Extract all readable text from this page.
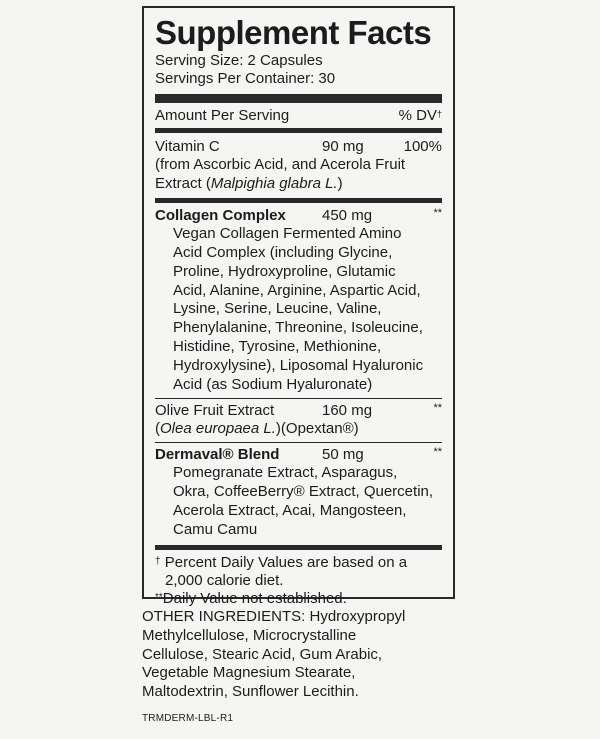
Supplement Facts
Serving Size: 2 Capsules
Servings Per Container: 30
Amount Per Serving	% DV†
Vitamin C	90 mg	100%
(from Ascorbic Acid, and Acerola Fruit
Extract (Malpighia glabra L.)
Collagen Complex	450 mg	**
Vegan Collagen Fermented Amino
Acid Complex (including Glycine,
Proline, Hydroxyproline, Glutamic
Acid, Alanine, Arginine, Aspartic Acid,
Lysine, Serine, Leucine, Valine,
Phenylalanine, Threonine, Isoleucine,
Histidine, Tyrosine, Methionine,
Hydroxylysine), Liposomal Hyaluronic
Acid (as Sodium Hyaluronate)
Olive Fruit Extract	160 mg	**
(Olea europaea L.)(Opextan®)
Dermaval® Blend	50 mg	**
Pomegranate Extract, Asparagus,
Okra, CoffeeBerry® Extract, Quercetin,
Acerola Extract, Acai, Mangosteen,
Camu Camu
† Percent Daily Values are based on a
2,000 calorie diet.
**Daily Value not established.
OTHER INGREDIENTS: Hydroxypropyl
Methylcellulose, Microcrystalline
Cellulose, Stearic Acid, Gum Arabic,
Vegetable Magnesium Stearate,
Maltodextrin, Sunflower Lecithin.
TRMDERM-LBL-R1
